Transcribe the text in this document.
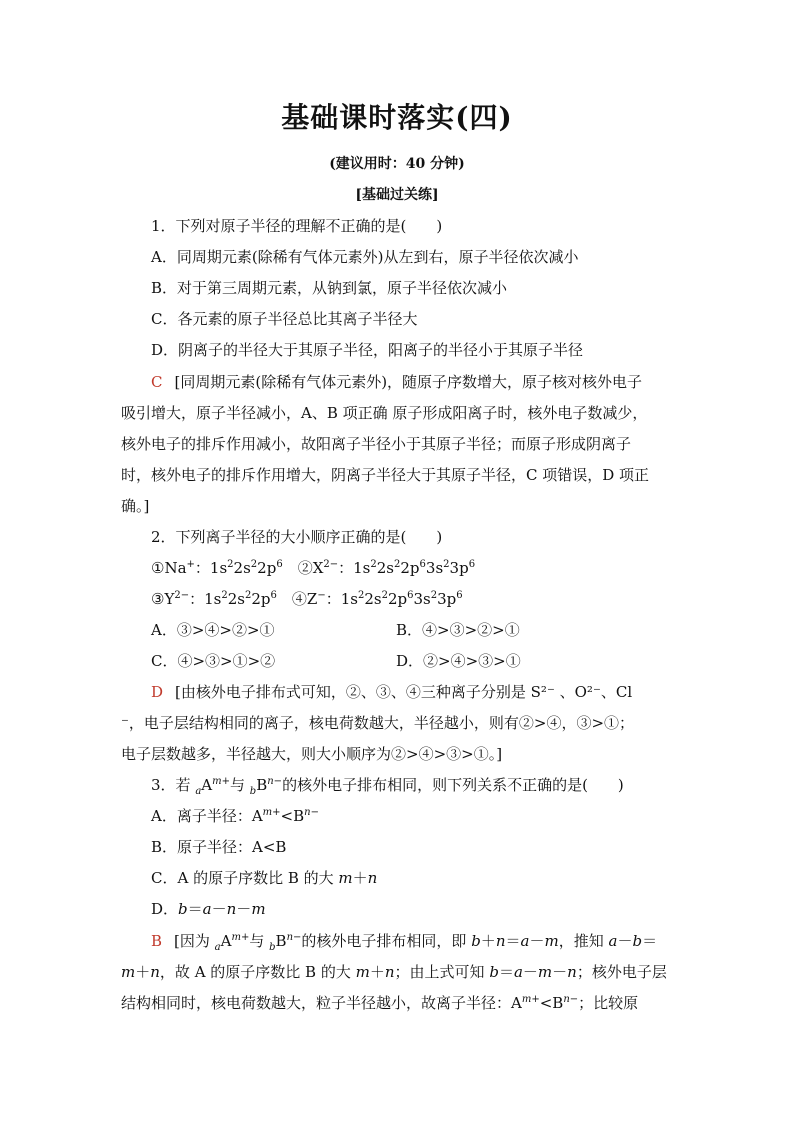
基础课时落实(四)
(建议用时：40 分钟)
[基础过关练]
1．下列对原子半径的理解不正确的是(　　)
A．同周期元素(除稀有气体元素外)从左到右，原子半径依次减小
B．对于第三周期元素，从钠到氯，原子半径依次减小
C．各元素的原子半径总比其离子半径大
D．阴离子的半径大于其原子半径，阳离子的半径小于其原子半径
C [同周期元素(除稀有气体元素外)，随原子序数增大，原子核对核外电子
吸引增大，原子半径减小，A、B 项正确 原子形成阳离子时，核外电子数减少，
核外电子的排斥作用减小，故阳离子半径小于其原子半径；而原子形成阴离子
时，核外电子的排斥作用增大，阴离子半径大于其原子半径，C 项错误，D 项正
确。]
2．下列离子半径的大小顺序正确的是(　　)
①Na+：$1s^22s^22p^6$　 $②X^{2-}$：$1s^22s^22p^63s^23p^6$
$③Y^{2-}$：$1s^22s^22p^6$　 ④Z−：$1s^22s^22p^63s^23p^6$
A．③>④>②>①	B．④>③>②>①
C．④>③>①>②	D．②>④>③>①
D [由核外电子排布式可知，②、③、④三种离子分别是 S²⁻ 、O²⁻、Cl
⁻，电子层结构相同的离子，核电荷数越大，半径越小，则有②>④，③>①；
电子层数越多，半径越大，则大小顺序为②>④>③>①。]
3．若 $_aA^{m+}$与 $_bB^{n-}$的核外电子排布相同，则下列关系不正确的是(　　)
A．离子半径：$A^{m+}<B^{n-}$
B．原子半径：A<B
C．A 的原子序数比 B 的大 m＋n
D．b＝a－n－m
B [因为 $_aA^{m+}$与 $_bB^{n-}$的核外电子排布相同，即 b＋n＝a－m，推知 a－b＝
m＋n，故 A 的原子序数比 B 的大 m＋n；由上式可知 b＝a－m－n；核外电子层
结构相同时，核电荷数越大，粒子半径越小，故离子半径：$A^{m+}<B^{n-}$；比较原
